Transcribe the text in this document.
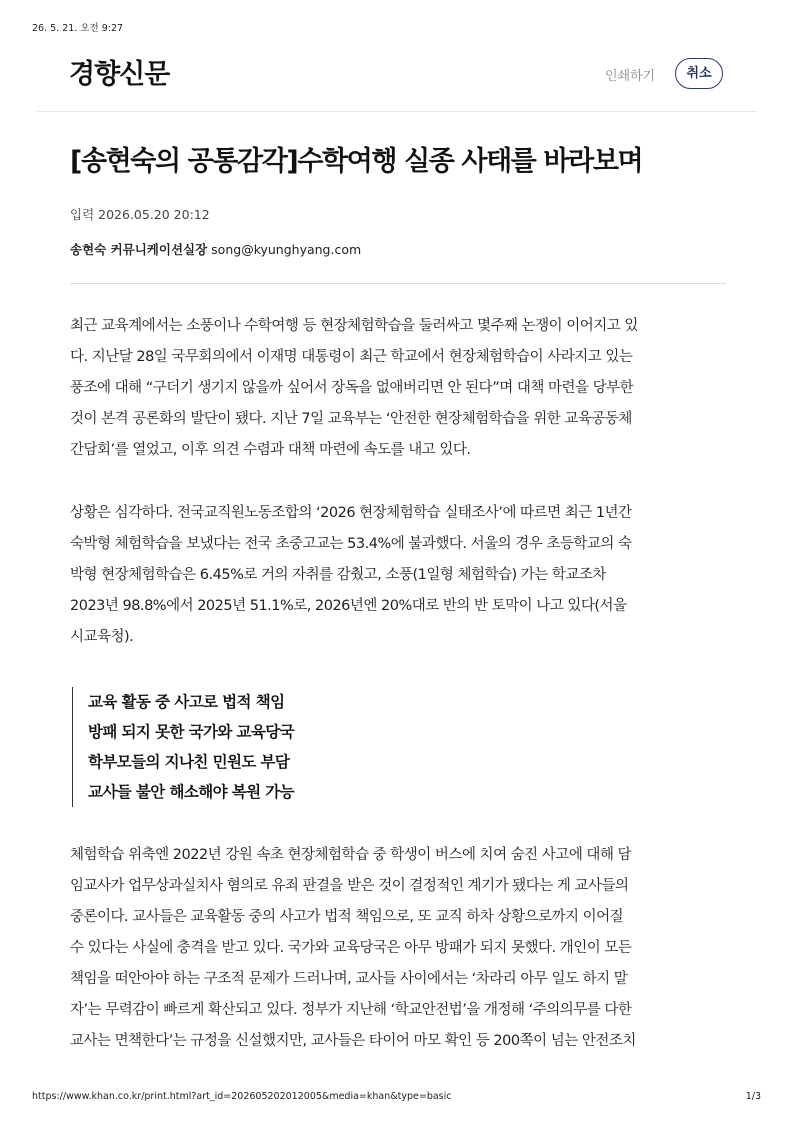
26. 5. 21. 오전 9:27
경향신문	인쇄하기	취소
[송현숙의 공통감각]수학여행 실종 사태를 바라보며
입력 2026.05.20 20:12
송현숙 커뮤니케이션실장 song@kyunghyang.com

최근 교육계에서는 소풍이나 수학여행 등 현장체험학습을 둘러싸고 몇주째 논쟁이 이어지고 있
다. 지난달 28일 국무회의에서 이재명 대통령이 최근 학교에서 현장체험학습이 사라지고 있는
풍조에 대해 “구더기 생기지 않을까 싶어서 장독을 없애버리면 안 된다”며 대책 마련을 당부한
것이 본격 공론화의 발단이 됐다. 지난 7일 교육부는 ‘안전한 현장체험학습을 위한 교육공동체
간담회’를 열었고, 이후 의견 수렴과 대책 마련에 속도를 내고 있다.

상황은 심각하다. 전국교직원노동조합의 ‘2026 현장체험학습 실태조사’에 따르면 최근 1년간
숙박형 체험학습을 보냈다는 전국 초중고교는 53.4%에 불과했다. 서울의 경우 초등학교의 숙
박형 현장체험학습은 6.45%로 거의 자취를 감췄고, 소풍(1일형 체험학습) 가는 학교조차
2023년 98.8%에서 2025년 51.1%로, 2026년엔 20%대로 반의 반 토막이 나고 있다(서울
시교육청).

교육 활동 중 사고로 법적 책임
방패 되지 못한 국가와 교육당국
학부모들의 지나친 민원도 부담
교사들 불안 해소해야 복원 가능

체험학습 위축엔 2022년 강원 속초 현장체험학습 중 학생이 버스에 치여 숨진 사고에 대해 담
임교사가 업무상과실치사 혐의로 유죄 판결을 받은 것이 결정적인 계기가 됐다는 게 교사들의
중론이다. 교사들은 교육활동 중의 사고가 법적 책임으로, 또 교직 하차 상황으로까지 이어질
수 있다는 사실에 충격을 받고 있다. 국가와 교육당국은 아무 방패가 되지 못했다. 개인이 모든
책임을 떠안아야 하는 구조적 문제가 드러나며, 교사들 사이에서는 ‘차라리 아무 일도 하지 말
자’는 무력감이 빠르게 확산되고 있다. 정부가 지난해 ‘학교안전법’을 개정해 ‘주의의무를 다한
교사는 면책한다’는 규정을 신설했지만, 교사들은 타이어 마모 확인 등 200쪽이 넘는 안전조치

https://www.khan.co.kr/print.html?art_id=202605202012005&media=khan&type=basic	1/3
